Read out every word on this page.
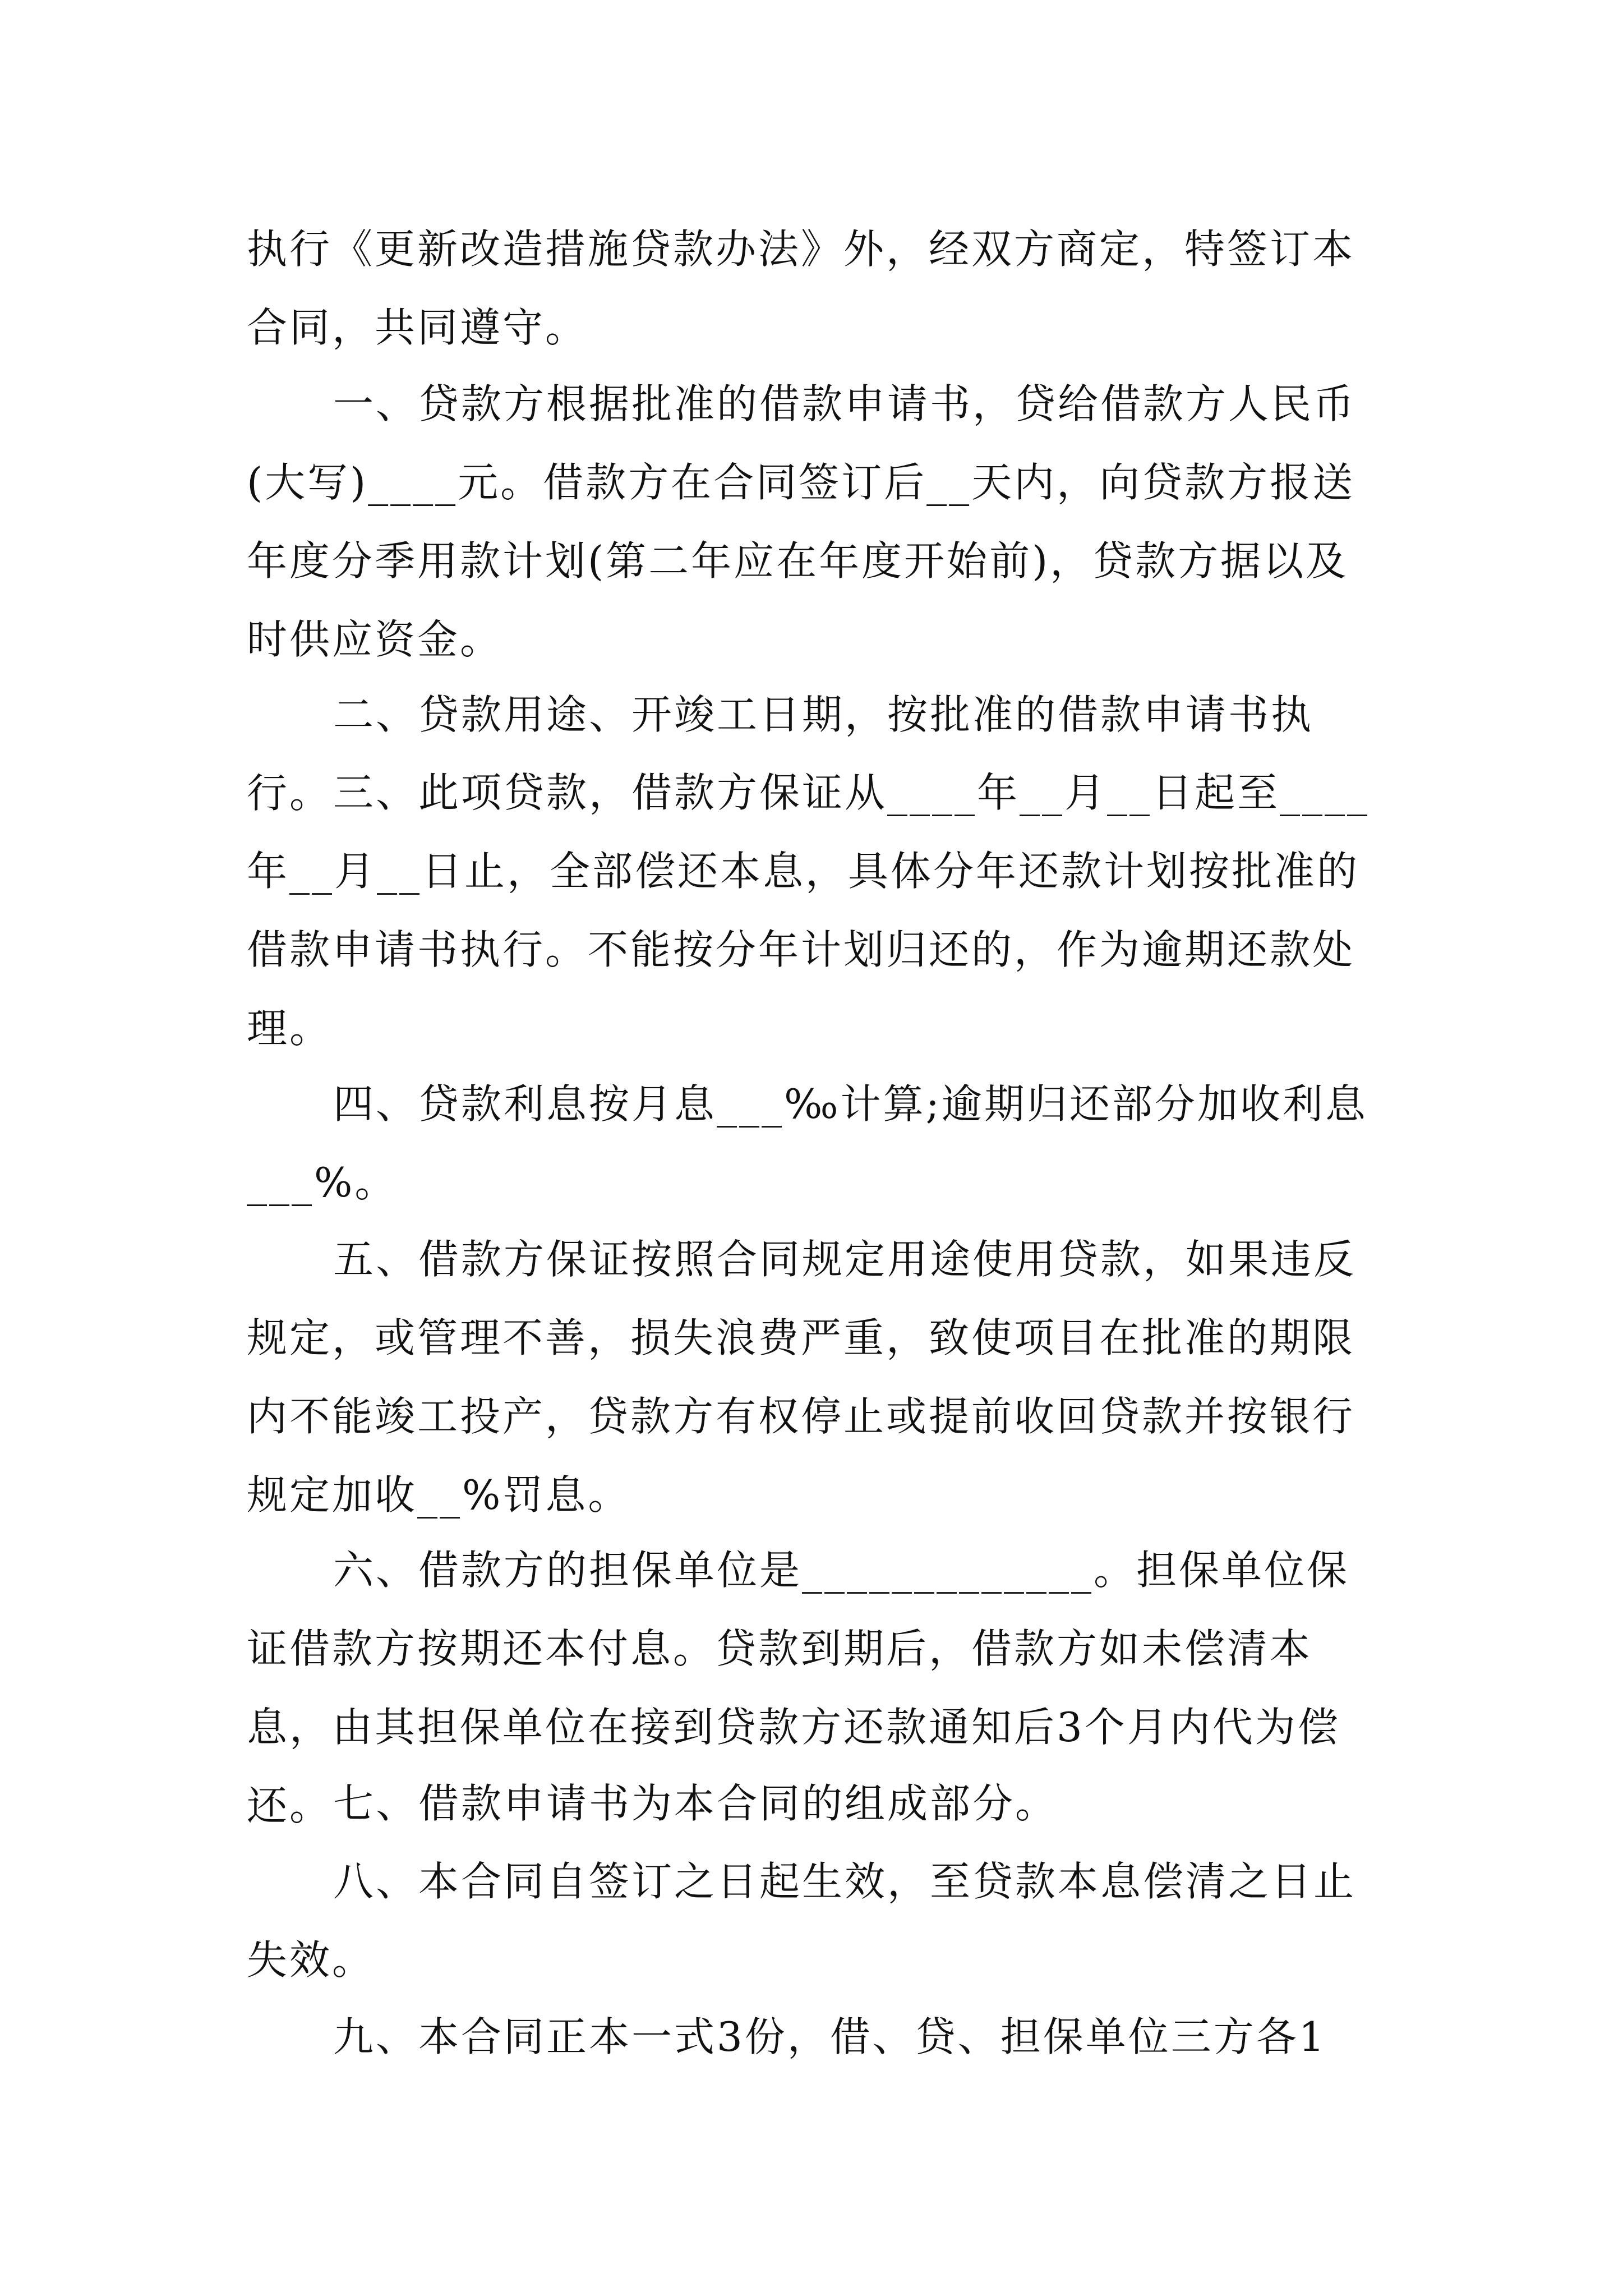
执行《更新改造措施贷款办法》外，经双方商定，特签订本合同，共同遵守。

一、贷款方根据批准的借款申请书，贷给借款方人民币(大写)____元。借款方在合同签订后__天内，向贷款方报送年度分季用款计划(第二年应在年度开始前)，贷款方据以及时供应资金。

二、贷款用途、开竣工日期，按批准的借款申请书执行。 三、此项贷款，借款方保证从____年__月__日起至____年__月__日止，全部偿还本息，具体分年还款计划按批准的借款申请书执行。不能按分年计划归还的，作为逾期还款处理。

四、贷款利息按月息___‰计算;逾期归还部分加收利息___%。

五、借款方保证按照合同规定用途使用贷款，如果违反规定，或管理不善，损失浪费严重，致使项目在批准的期限内不能竣工投产，贷款方有权停止或提前收回贷款并按银行规定加收__%罚息。

六、借款方的担保单位是_____________。担保单位保证借款方按期还本付息。贷款到期后，借款方如未偿清本息，由其担保单位在接到贷款方还款通知后3个月内代为偿还。 七、借款申请书为本合同的组成部分。

八、本合同自签订之日起生效，至贷款本息偿清之日止失效。

九、本合同正本一式3份，借、贷、担保单位三方各1
